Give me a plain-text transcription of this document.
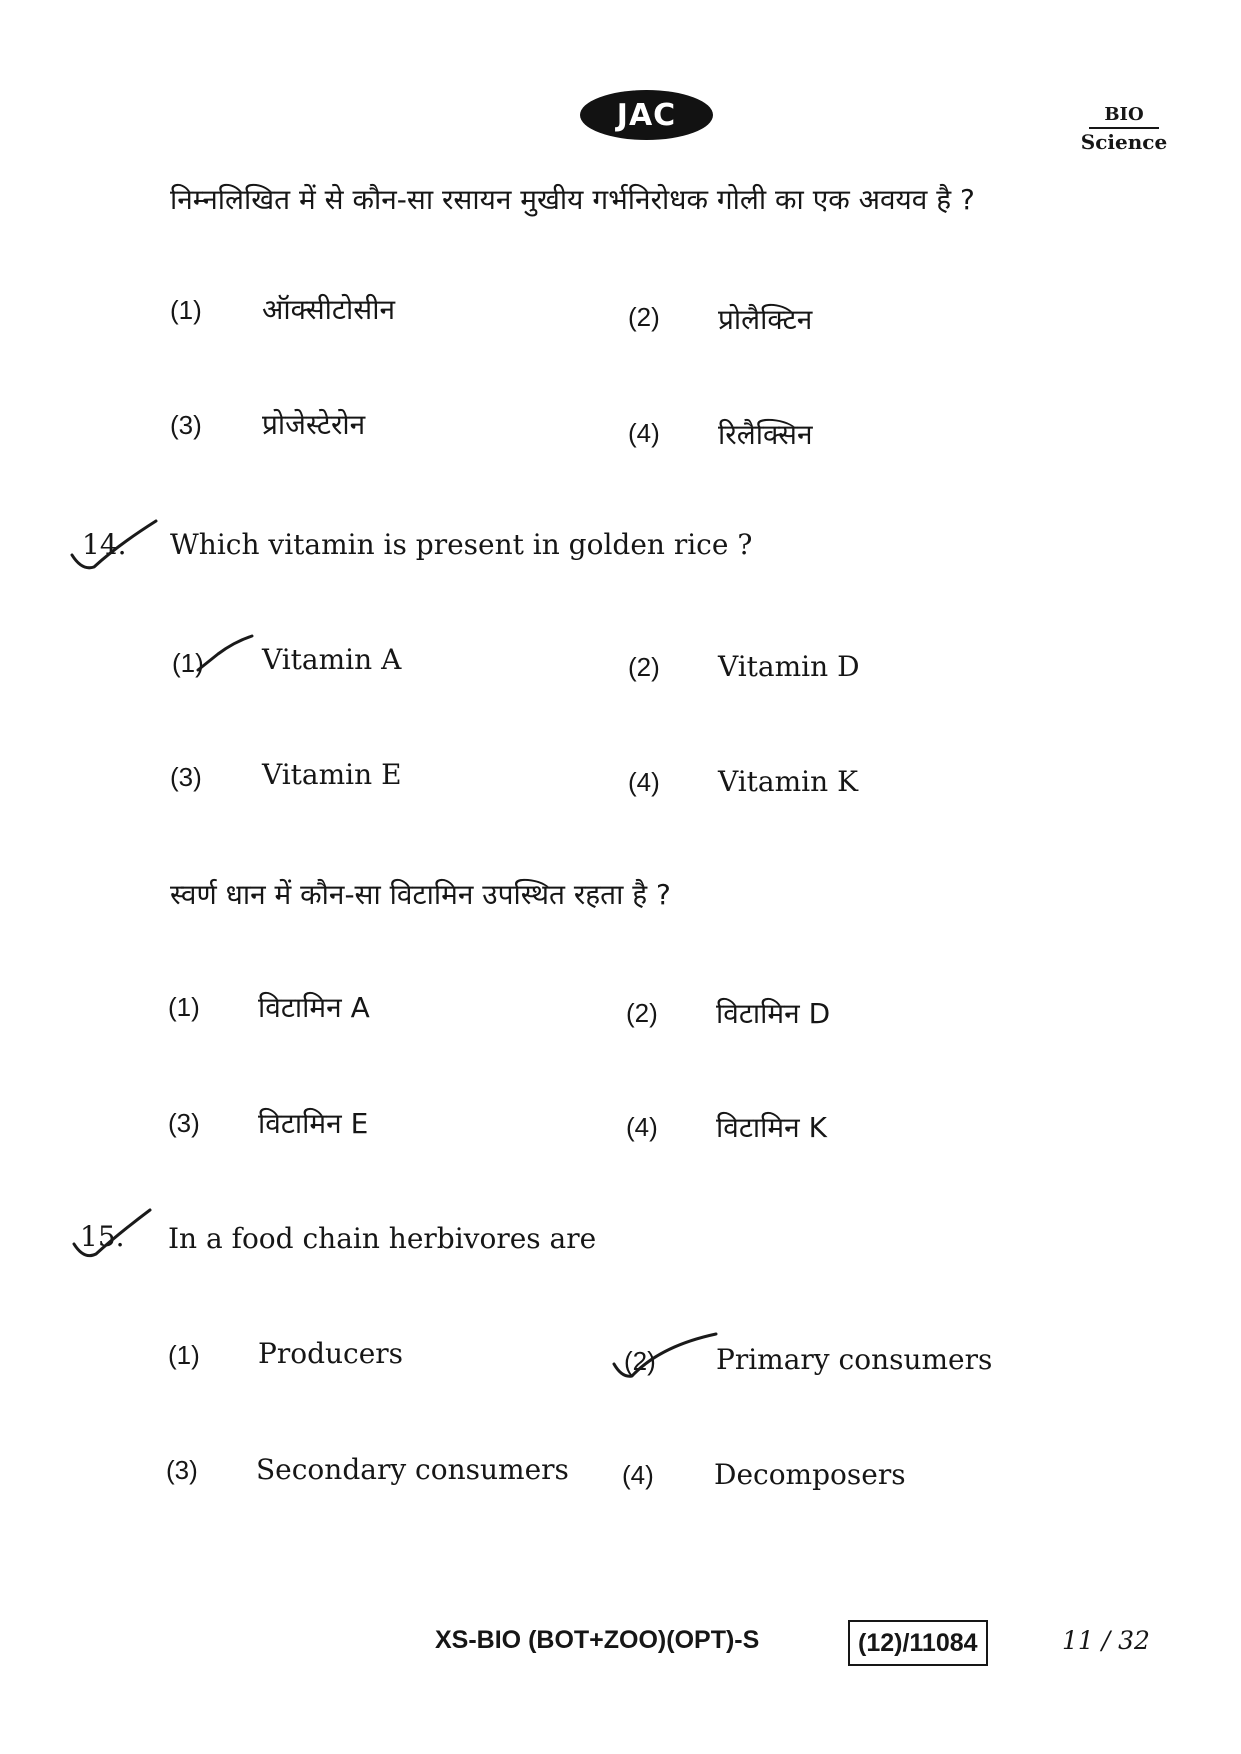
JAC	BIO
Science
निम्नलिखित में से कौन-सा रसायन मुखीय गर्भनिरोधक गोली का एक अवयव है ?
(1) ऑक्सीटोसीन	(2) प्रोलैक्टिन
(3) प्रोजेस्टेरोन	(4) रिलैक्सिन
14. Which vitamin is present in golden rice ?
(1) Vitamin A	(2) Vitamin D
(3) Vitamin E	(4) Vitamin K
स्वर्ण धान में कौन-सा विटामिन उपस्थित रहता है ?
(1) विटामिन A	(2) विटामिन D
(3) विटामिन E	(4) विटामिन K
15. In a food chain herbivores are
(1) Producers	(2) Primary consumers
(3) Secondary consumers (4) Decomposers
XS-BIO (BOT+ZOO)(OPT)-S	(12)/11084	11 / 32
